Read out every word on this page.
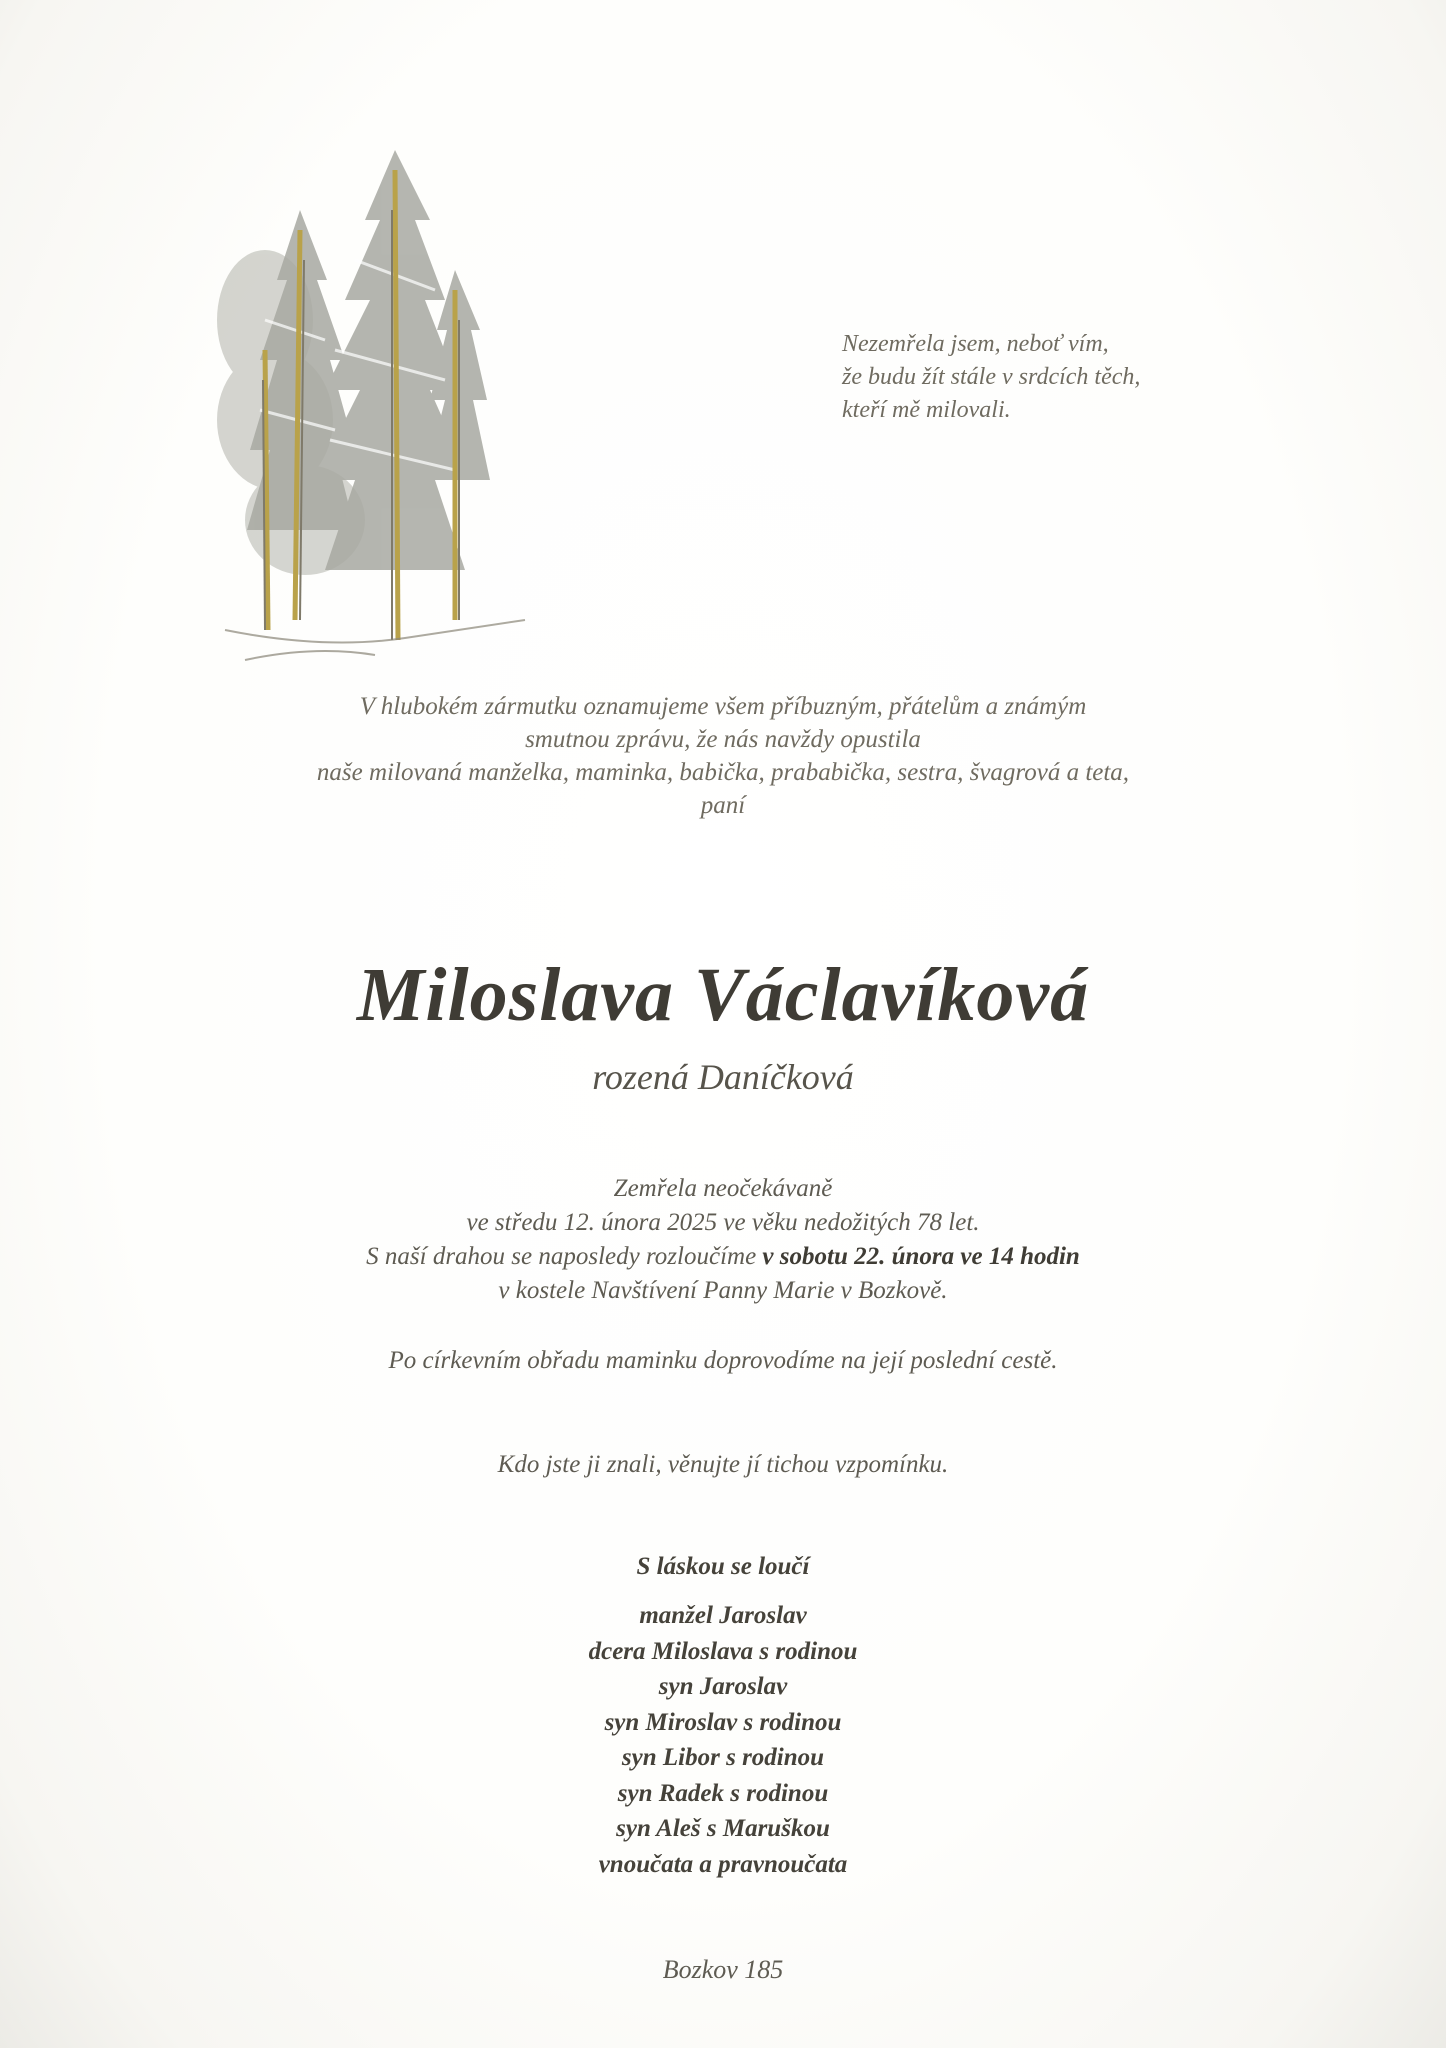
Nezemřela jsem, neboť vím,
že budu žít stále v srdcích těch,
kteří mě milovali.
V hlubokém zármutku oznamujeme všem příbuzným, přátelům a známým
smutnou zprávu, že nás navždy opustila
naše milovaná manželka, maminka, babička, prababička, sestra, švagrová a teta,
paní
Miloslava Václavíková
rozená Daníčková
Zemřela neočekávaně
ve středu 12. února 2025 ve věku nedožitých 78 let.
S naší drahou se naposledy rozloučíme v sobotu 22. února ve 14 hodin
v kostele Navštívení Panny Marie v Bozkově.
Po církevním obřadu maminku doprovodíme na její poslední cestě.
Kdo jste ji znali, věnujte jí tichou vzpomínku.
S láskou se loučí
manžel Jaroslav
dcera Miloslava s rodinou
syn Jaroslav
syn Miroslav s rodinou
syn Libor s rodinou
syn Radek s rodinou
syn Aleš s Maruškou
vnoučata a pravnoučata
Bozkov 185
